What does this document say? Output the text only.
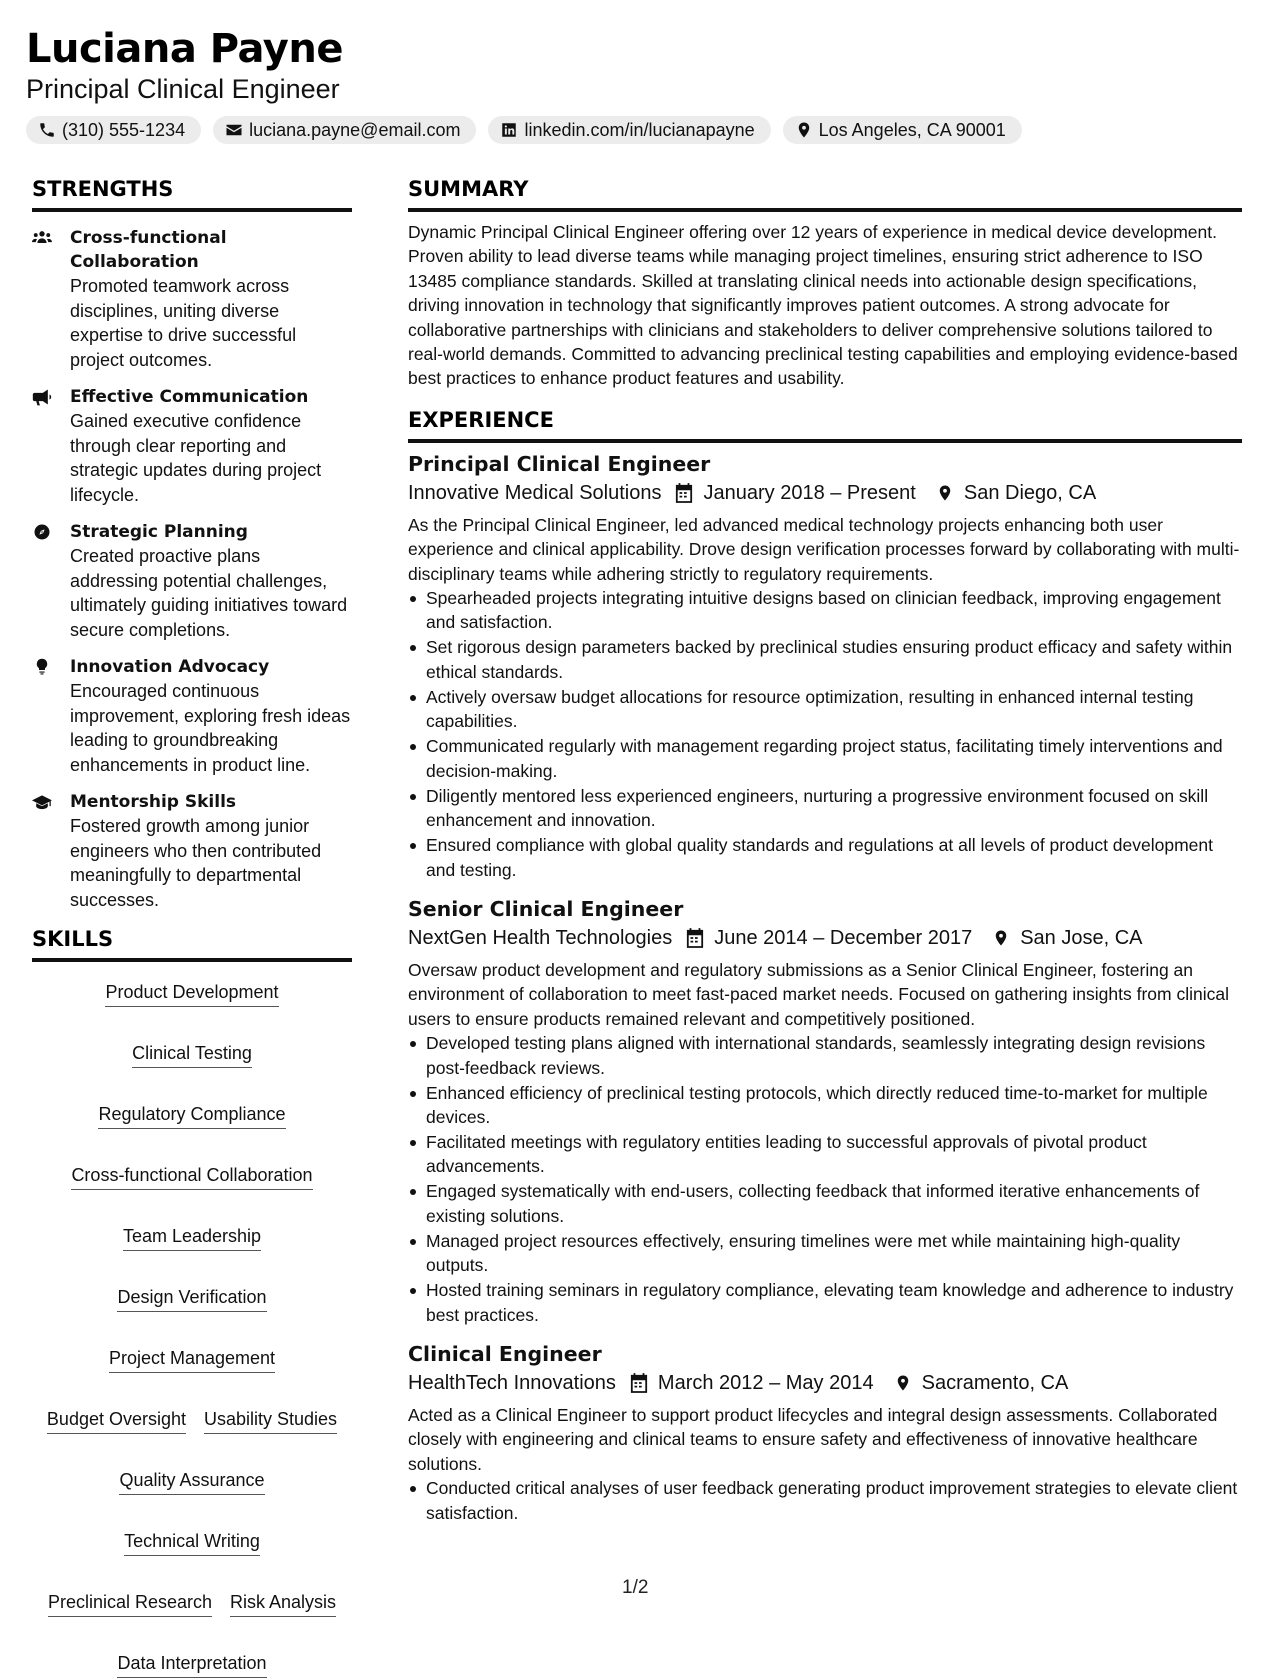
Luciana Payne
Principal Clinical Engineer
(310) 555-1234	luciana.payne@email.com	linkedin.com/in/lucianapayne	Los Angeles, CA 90001
STRENGTHS
Cross-functional Collaboration
Promoted teamwork across disciplines, uniting diverse expertise to drive successful project outcomes.
Effective Communication
Gained executive confidence through clear reporting and strategic updates during project lifecycle.
Strategic Planning
Created proactive plans addressing potential challenges, ultimately guiding initiatives toward secure completions.
Innovation Advocacy
Encouraged continuous improvement, exploring fresh ideas leading to groundbreaking enhancements in product line.
Mentorship Skills
Fostered growth among junior engineers who then contributed meaningfully to departmental successes.
SKILLS
Product Development
Clinical Testing
Regulatory Compliance
Cross-functional Collaboration
Team Leadership
Design Verification
Project Management
Budget Oversight Usability Studies
Quality Assurance
Technical Writing
Preclinical Research Risk Analysis
Data Interpretation
SUMMARY

Dynamic Principal Clinical Engineer offering over 12 years of experience in medical device development. Proven ability to lead diverse teams while managing project timelines, ensuring strict adherence to ISO 13485 compliance standards. Skilled at translating clinical needs into actionable design specifications, driving innovation in technology that significantly improves patient outcomes. A strong advocate for collaborative partnerships with clinicians and stakeholders to deliver comprehensive solutions tailored to real-world demands. Committed to advancing preclinical testing capabilities and employing evidence-based best practices to enhance product features and usability.

EXPERIENCE
Principal Clinical Engineer
Innovative Medical Solutions January 2018 – Present San Diego, CA

As the Principal Clinical Engineer, led advanced medical technology projects enhancing both user experience and clinical applicability. Drove design verification processes forward by collaborating with multi-disciplinary teams while adhering strictly to regulatory requirements.

Spearheaded projects integrating intuitive designs based on clinician feedback, improving engagement and satisfaction.
Set rigorous design parameters backed by preclinical studies ensuring product efficacy and safety within ethical standards.
Actively oversaw budget allocations for resource optimization, resulting in enhanced internal testing capabilities.
Communicated regularly with management regarding project status, facilitating timely interventions and decision-making.
Diligently mentored less experienced engineers, nurturing a progressive environment focused on skill enhancement and innovation.
Ensured compliance with global quality standards and regulations at all levels of product development and testing.
Senior Clinical Engineer
NextGen Health Technologies June 2014 – December 2017 San Jose, CA

Oversaw product development and regulatory submissions as a Senior Clinical Engineer, fostering an environment of collaboration to meet fast-paced market needs. Focused on gathering insights from clinical users to ensure products remained relevant and competitively positioned.

Developed testing plans aligned with international standards, seamlessly integrating design revisions post-feedback reviews.
Enhanced efficiency of preclinical testing protocols, which directly reduced time-to-market for multiple devices.
Facilitated meetings with regulatory entities leading to successful approvals of pivotal product advancements.
Engaged systematically with end-users, collecting feedback that informed iterative enhancements of existing solutions.
Managed project resources effectively, ensuring timelines were met while maintaining high-quality outputs.
Hosted training seminars in regulatory compliance, elevating team knowledge and adherence to industry best practices.
Clinical Engineer
HealthTech Innovations March 2012 – May 2014 Sacramento, CA

Acted as a Clinical Engineer to support product lifecycles and integral design assessments. Collaborated closely with engineering and clinical teams to ensure safety and effectiveness of innovative healthcare solutions.

Conducted critical analyses of user feedback generating product improvement strategies to elevate client satisfaction.
1/2
